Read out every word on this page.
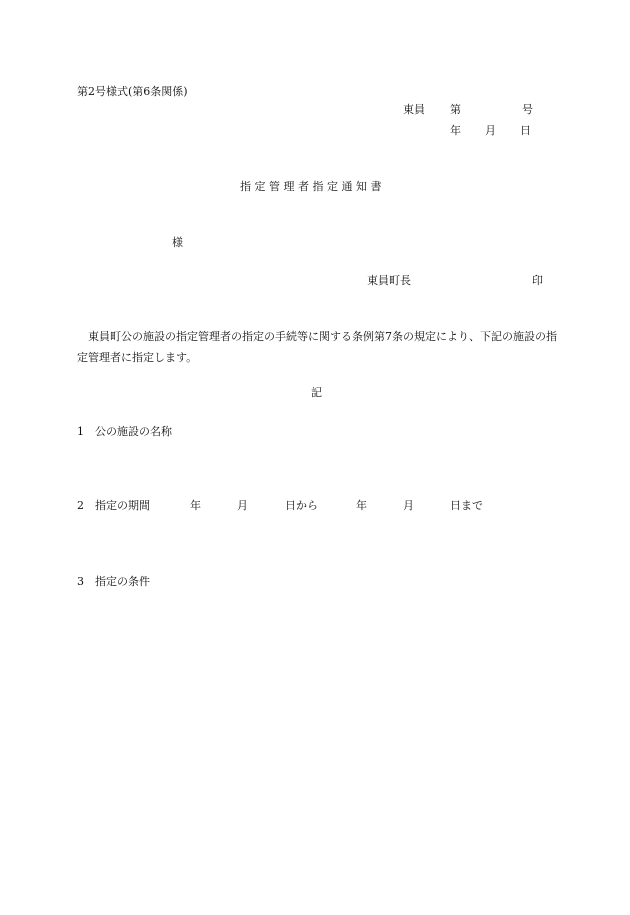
第2号様式(第6条関係)
東員 第	号
年 月 日
指定管理者指定通知書
様
東員町長	印
　東員町公の施設の指定管理者の指定の手続等に関する条例第7条の規定により、下記の施設の指定管理者に指定します。
記
1　公の施設の名称
2　指定の期間	年	月	日から	年	月	日まで
3　指定の条件
